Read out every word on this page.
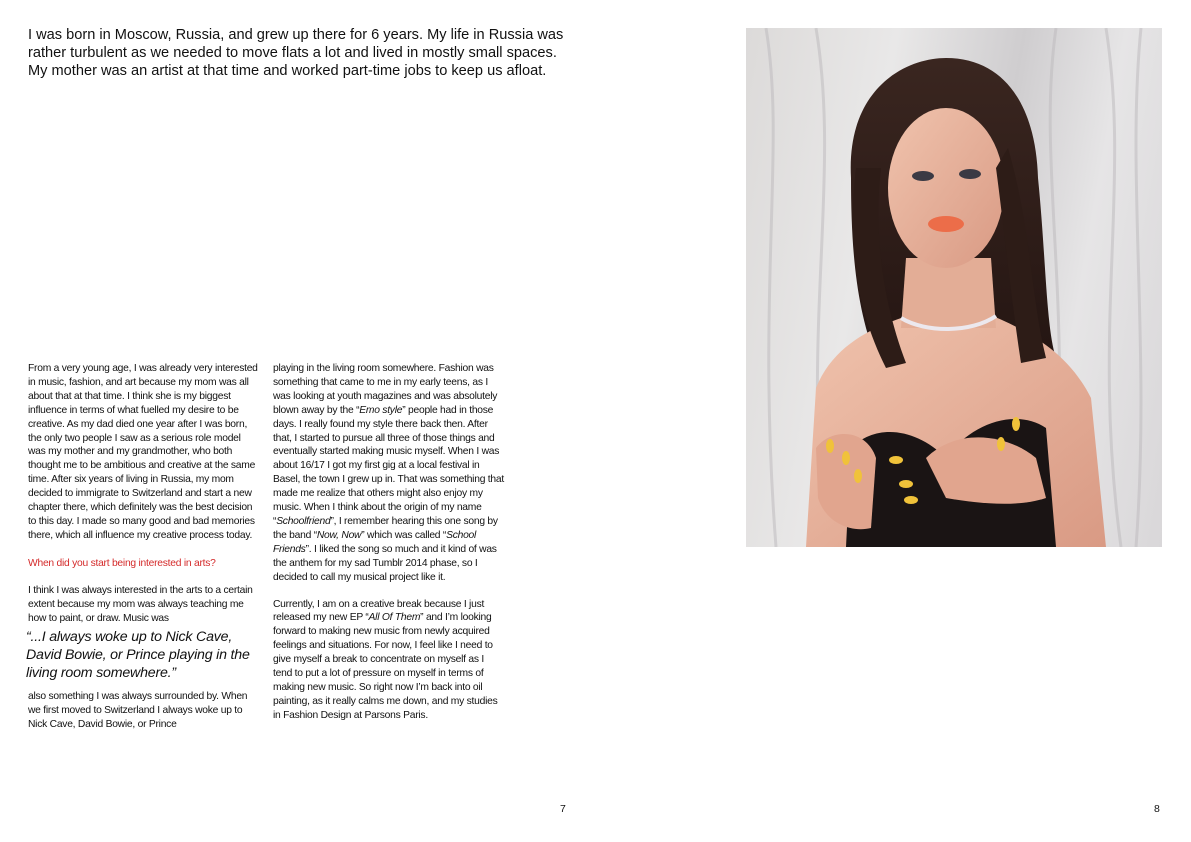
I was born in Moscow, Russia, and grew up there for 6 years. My life in Russia was rather turbulent as we needed to move flats a lot and lived in mostly small spaces. My mother was an artist at that time and worked part-time jobs to keep us afloat.

From a very young age, I was already very interested in music, fashion, and art because my mom was all about that at that time. I think she is my biggest influence in terms of what fuelled my desire to be creative. As my dad died one year after I was born, the only two people I saw as a serious role model was my mother and my grandmother, who both thought me to be ambitious and creative at the same time. After six years of living in Russia, my mom decided to immigrate to Switzerland and start a new chapter there, which definitely was the best decision to this day. I made so many good and bad memories there, which all influence my creative process today.

When did you start being interested in arts?

I think I was always interested in the arts to a certain extent because my mom was always teaching me how to paint, or draw. Music was

“...I always woke up to Nick Cave, David Bowie, or Prince playing in the living room somewhere.”

also something I was always surrounded by. When we first moved to Switzerland I always woke up to Nick Cave, David Bowie, or Prince

playing in the living room somewhere. Fashion was something that came to me in my early teens, as I was looking at youth magazines and was absolutely blown away by the “Emo style” people had in those days. I really found my style there back then. After that, I started to pursue all three of those things and eventually started making music myself. When I was about 16/17 I got my first gig at a local festival in Basel, the town I grew up in. That was something that made me realize that others might also enjoy my music. When I think about the origin of my name “Schoolfriend”, I remember hearing this one song by the band “Now, Now” which was called “School Friends”. I liked the song so much and it kind of was the anthem for my sad Tumblr 2014 phase, so I decided to call my musical project like it.

Currently, I am on a creative break because I just released my new EP “All Of Them” and I’m looking forward to making new music from newly acquired feelings and situations. For now, I feel like I need to give myself a break to concentrate on myself as I tend to put a lot of pressure on myself in terms of making new music. So right now I’m back into oil painting, as it really calms me down, and my studies in Fashion Design at Parsons Paris.

7	8
